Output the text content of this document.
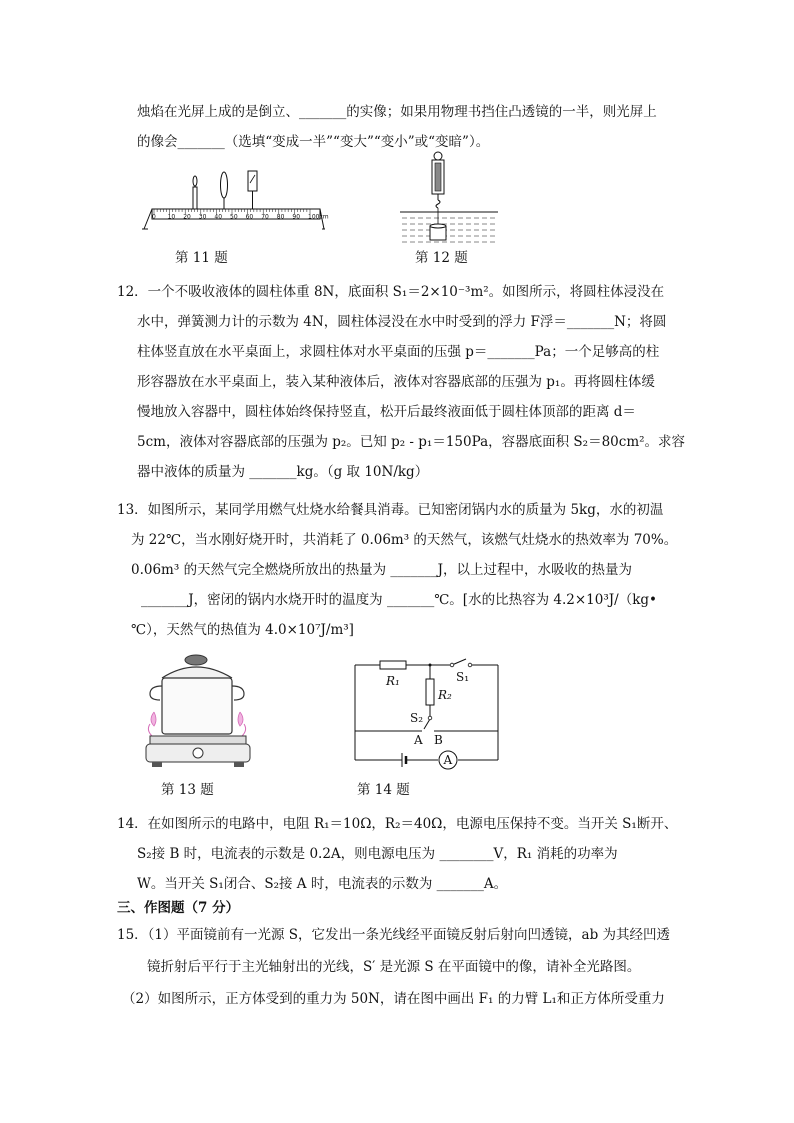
烛焰在光屏上成的是倒立、_______的实像；如果用物理书挡住凸透镜的一半，则光屏上
的像会_______（选填“变成一半”“变大”“变小”或“变暗”）。
0 10 20 30 40 50 60 70 80 90 100cm
第 11 题	第 12 题
12．一个不吸收液体的圆柱体重 8N，底面积 S₁＝2×10⁻³m²。如图所示，将圆柱体浸没在
水中，弹簧测力计的示数为 4N，圆柱体浸没在水中时受到的浮力 F浮＝_______N；将圆
柱体竖直放在水平桌面上，求圆柱体对水平桌面的压强 p＝_______Pa；一个足够高的柱
形容器放在水平桌面上，装入某种液体后，液体对容器底部的压强为 p₁。再将圆柱体缓
慢地放入容器中，圆柱体始终保持竖直，松开后最终液面低于圆柱体顶部的距离 d＝
5cm，液体对容器底部的压强为 p₂。已知 p₂ - p₁＝150Pa，容器底面积 S₂＝80cm²。求容
器中液体的质量为 _______kg。（g 取 10N/kg）
13．如图所示，某同学用燃气灶烧水给餐具消毒。已知密闭锅内水的质量为 5kg，水的初温
为 22℃，当水刚好烧开时，共消耗了 0.06m³ 的天然气，该燃气灶烧水的热效率为 70%。
0.06m³ 的天然气完全燃烧所放出的热量为 _______J，以上过程中，水吸收的热量为
_______J，密闭的锅内水烧开时的温度为 _______℃。[水的比热容为 4.2×10³J/（kg•
℃），天然气的热值为 4.0×10⁷J/m³]
第 13 题
R₁
R₂
S₁
S₂
A B
A
第 14 题
14．在如图所示的电路中，电阻 R₁＝10Ω，R₂＝40Ω，电源电压保持不变。当开关 S₁断开、
S₂接 B 时，电流表的示数是 0.2A，则电源电压为 ________V，R₁ 消耗的功率为
W。当开关 S₁闭合、S₂接 A 时，电流表的示数为 _______A。
三、作图题（7 分）
15．（1）平面镜前有一光源 S，它发出一条光线经平面镜反射后射向凹透镜，ab 为其经凹透
镜折射后平行于主光轴射出的光线，S′ 是光源 S 在平面镜中的像，请补全光路图。
（2）如图所示，正方体受到的重力为 50N，请在图中画出 F₁ 的力臂 L₁和正方体所受重力
